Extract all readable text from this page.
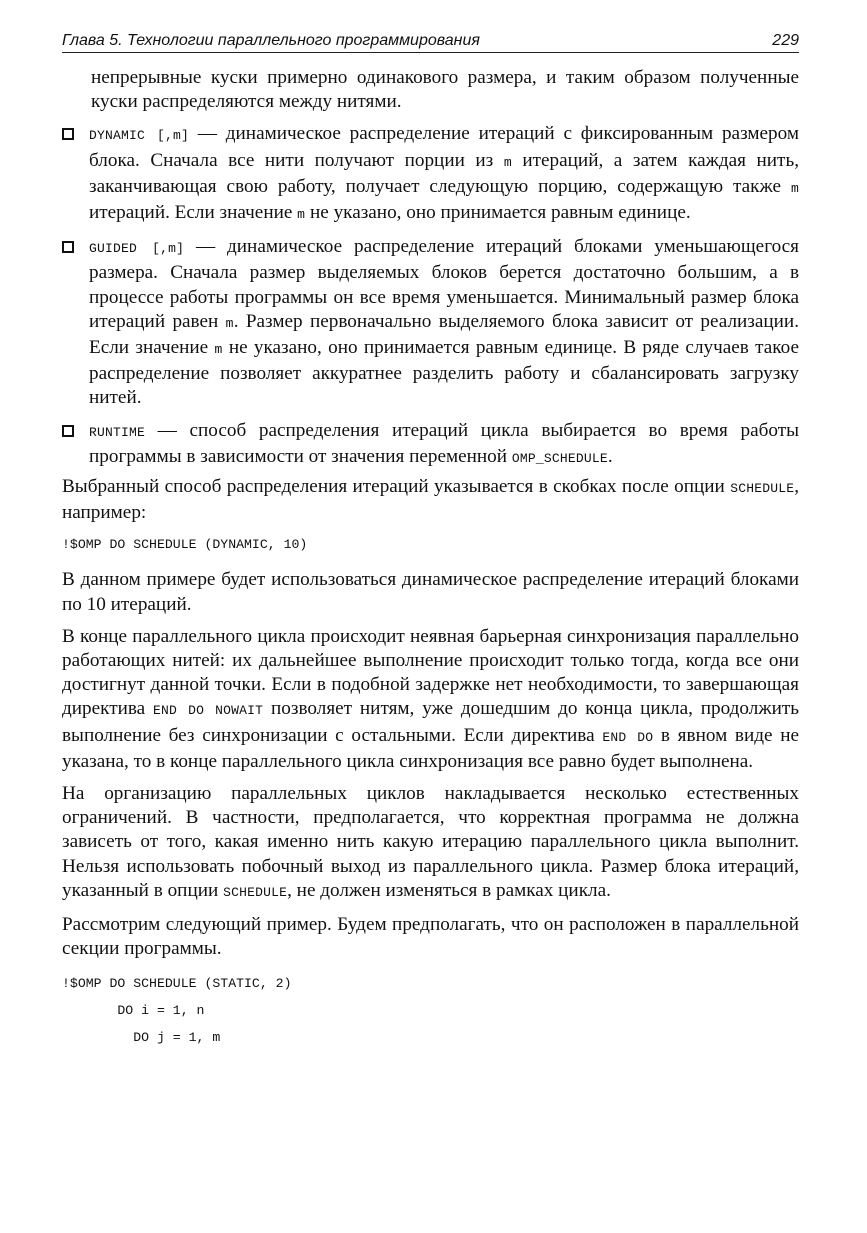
Глава 5. Технологии параллельного программирования	229

непрерывные куски примерно одинакового размера, и таким образом полученные куски распределяются между нитями.

DYNAMIC [,m] — динамическое распределение итераций с фиксированным размером блока. Сначала все нити получают порции из m итераций, а затем каждая нить, заканчивающая свою работу, получает следующую порцию, содержащую также m итераций. Если значение m не указано, оно принимается равным единице.

GUIDED [,m] — динамическое распределение итераций блоками уменьшающегося размера. Сначала размер выделяемых блоков берется достаточно большим, а в процессе работы программы он все время уменьшается. Минимальный размер блока итераций равен m. Размер первоначально выделяемого блока зависит от реализации. Если значение m не указано, оно принимается равным единице. В ряде случаев такое распределение позволяет аккуратнее разделить работу и сбалансировать загрузку нитей.

RUNTIME — способ распределения итераций цикла выбирается во время работы программы в зависимости от значения переменной OMP_SCHEDULE.

Выбранный способ распределения итераций указывается в скобках после опции SCHEDULE, например:

!$OMP DO SCHEDULE (DYNAMIC, 10)

В данном примере будет использоваться динамическое распределение итераций блоками по 10 итераций.

В конце параллельного цикла происходит неявная барьерная синхронизация параллельно работающих нитей: их дальнейшее выполнение происходит только тогда, когда все они достигнут данной точки. Если в подобной задержке нет необходимости, то завершающая директива END DO NOWAIT позволяет нитям, уже дошедшим до конца цикла, продолжить выполнение без синхронизации с остальными. Если директива END DO в явном виде не указана, то в конце параллельного цикла синхронизация все равно будет выполнена.

На организацию параллельных циклов накладывается несколько естественных ограничений. В частности, предполагается, что корректная программа не должна зависеть от того, какая именно нить какую итерацию параллельного цикла выполнит. Нельзя использовать побочный выход из параллельного цикла. Размер блока итераций, указанный в опции SCHEDULE, не должен изменяться в рамках цикла.

Рассмотрим следующий пример. Будем предполагать, что он расположен в параллельной секции программы.

!$OMP DO SCHEDULE (STATIC, 2)
DO i = 1, n
DO j = 1, m
